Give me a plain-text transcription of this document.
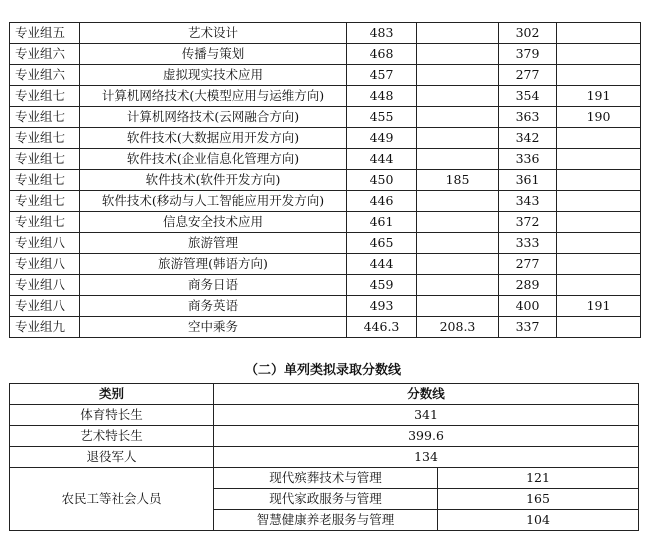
专业组五	艺术设计	483		302	
专业组六	传播与策划	468		379	
专业组六	虚拟现实技术应用	457		277	
专业组七	计算机网络技术(大模型应用与运维方向)	448		354	191
专业组七	计算机网络技术(云网融合方向)	455		363	190
专业组七	软件技术(大数据应用开发方向)	449		342	
专业组七	软件技术(企业信息化管理方向)	444		336	
专业组七	软件技术(软件开发方向)	450	185	361	
专业组七	软件技术(移动与人工智能应用开发方向)	446		343	
专业组七	信息安全技术应用	461		372	
专业组八	旅游管理	465		333	
专业组八	旅游管理(韩语方向)	444		277	
专业组八	商务日语	459		289	
专业组八	商务英语	493		400	191
专业组九	空中乘务	446.3	208.3	337	
（二）单列类拟录取分数线
类别	分数线	
体育特长生	341	
艺术特长生	399.6	
退役军人	134	
农民工等社会人员	现代殡葬技术与管理	121
	现代家政服务与管理	165
	智慧健康养老服务与管理	104
